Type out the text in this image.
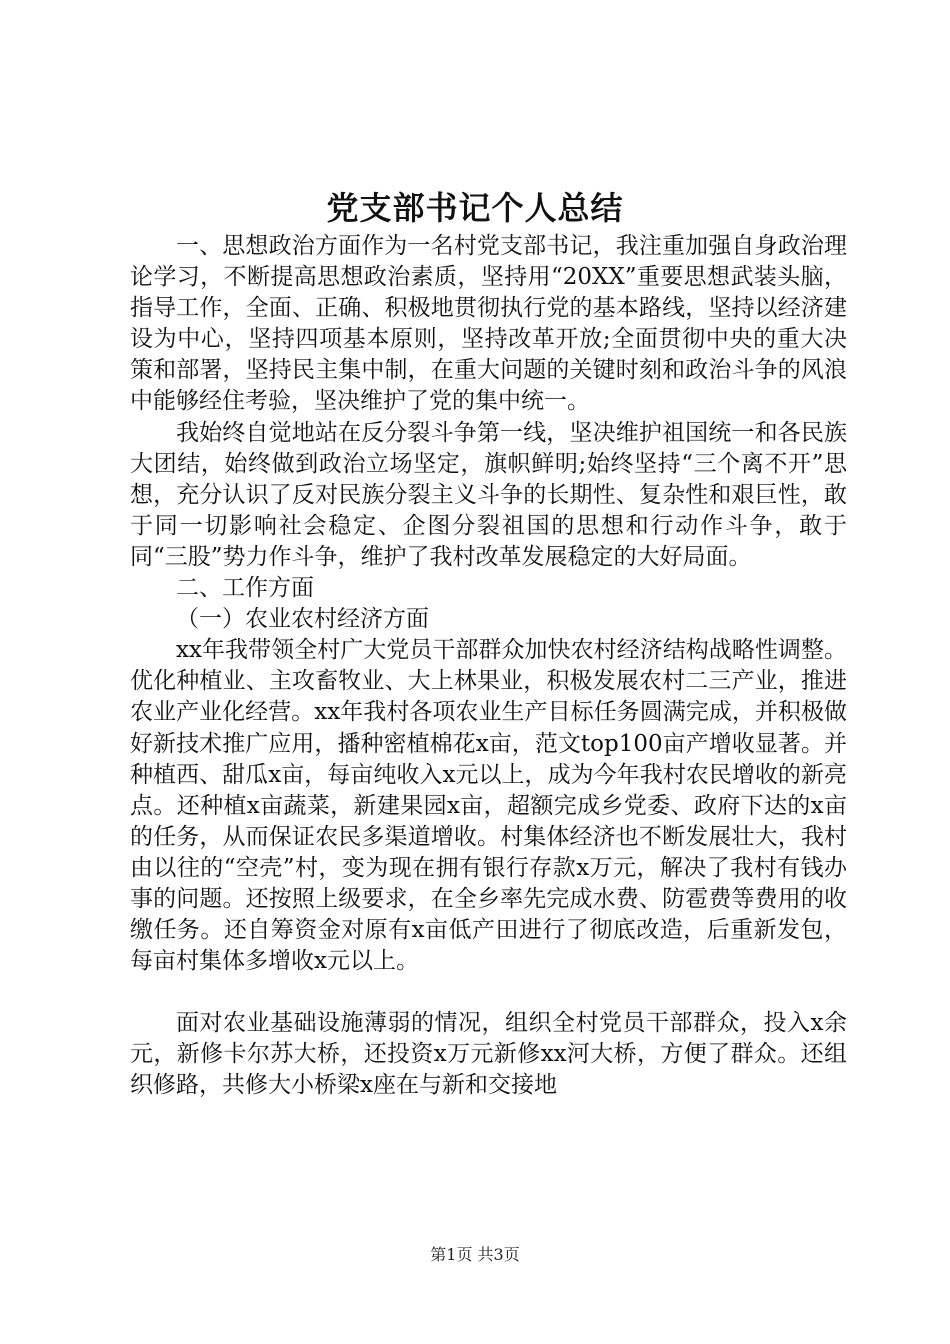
党支部书记个人总结

一、思想政治方面作为一名村党支部书记，我注重加强自身政治理论学习，不断提高思想政治素质，坚持用“20XX”重要思想武装头脑，指导工作，全面、正确、积极地贯彻执行党的基本路线，坚持以经济建设为中心，坚持四项基本原则，坚持改革开放;全面贯彻中央的重大决策和部署，坚持民主集中制，在重大问题的关键时刻和政治斗争的风浪中能够经住考验，坚决维护了党的集中统一。

我始终自觉地站在反分裂斗争第一线，坚决维护祖国统一和各民族大团结，始终做到政治立场坚定，旗帜鲜明;始终坚持“三个离不开”思想，充分认识了反对民族分裂主义斗争的长期性、复杂性和艰巨性，敢于同一切影响社会稳定、企图分裂祖国的思想和行动作斗争，敢于同“三股”势力作斗争，维护了我村改革发展稳定的大好局面。

二、工作方面

（一）农业农村经济方面

xx年我带领全村广大党员干部群众加快农村经济结构战略性调整。优化种植业、主攻畜牧业、大上林果业，积极发展农村二三产业，推进农业产业化经营。xx年我村各项农业生产目标任务圆满完成，并积极做好新技术推广应用，播种密植棉花x亩，范文top100亩产增收显著。并种植西、甜瓜x亩，每亩纯收入x元以上，成为今年我村农民增收的新亮点。还种植x亩蔬菜，新建果园x亩，超额完成乡党委、政府下达的x亩的任务，从而保证农民多渠道增收。村集体经济也不断发展壮大，我村由以往的“空壳”村，变为现在拥有银行存款x万元，解决了我村有钱办事的问题。还按照上级要求，在全乡率先完成水费、防雹费等费用的收缴任务。还自筹资金对原有x亩低产田进行了彻底改造，后重新发包，每亩村集体多增收x元以上。

面对农业基础设施薄弱的情况，组织全村党员干部群众，投入x余元，新修卡尔苏大桥，还投资x万元新修xx河大桥，方便了群众。还组织修路，共修大小桥梁x座在与新和交接地

第1页 共3页
